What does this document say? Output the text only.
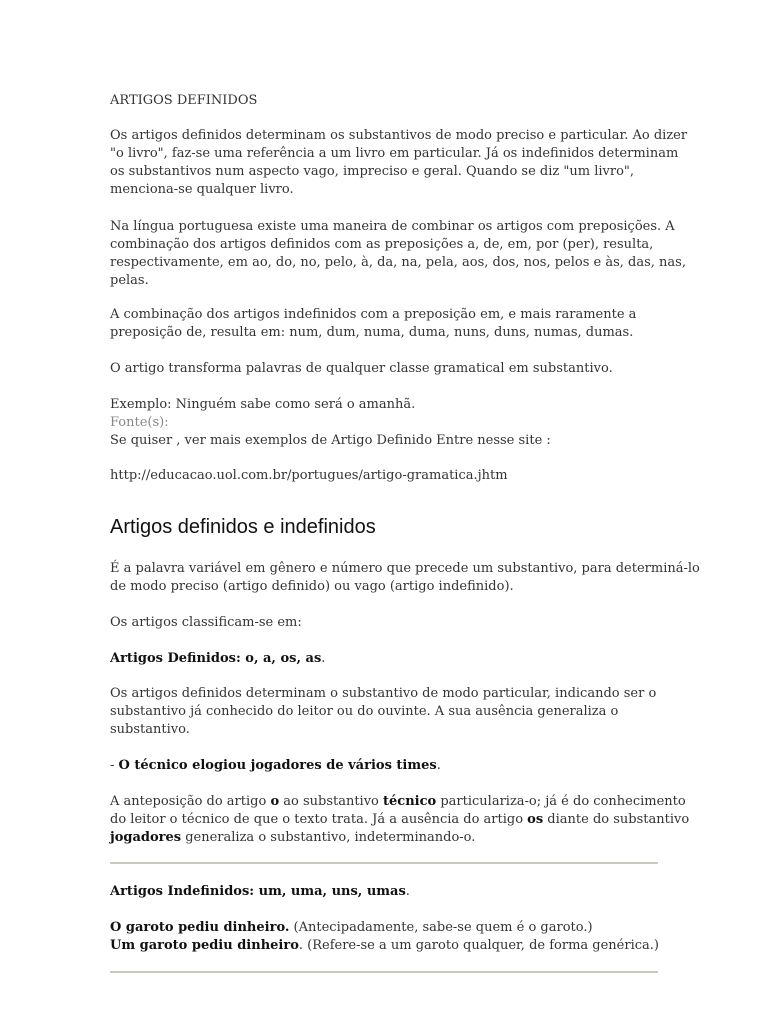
ARTIGOS DEFINIDOS

Os artigos definidos determinam os substantivos de modo preciso e particular. Ao dizer
"o livro", faz-se uma referência a um livro em particular. Já os indefinidos determinam
os substantivos num aspecto vago, impreciso e geral. Quando se diz "um livro",
menciona-se qualquer livro.

Na língua portuguesa existe uma maneira de combinar os artigos com preposições. A
combinação dos artigos definidos com as preposições a, de, em, por (per), resulta,
respectivamente, em ao, do, no, pelo, à, da, na, pela, aos, dos, nos, pelos e às, das, nas,
pelas.

A combinação dos artigos indefinidos com a preposição em, e mais raramente a
preposição de, resulta em: num, dum, numa, duma, nuns, duns, numas, dumas.

O artigo transforma palavras de qualquer classe gramatical em substantivo.

Exemplo: Ninguém sabe como será o amanhã.
Fonte(s):
Se quiser , ver mais exemplos de Artigo Definido Entre nesse site :

http://educacao.uol.com.br/portugues/artigo-gramatica.jhtm

Artigos definidos e indefinidos

É a palavra variável em gênero e número que precede um substantivo, para determiná-lo
de modo preciso (artigo definido) ou vago (artigo indefinido).

Os artigos classificam-se em:

Artigos Definidos: o, a, os, as.

Os artigos definidos determinam o substantivo de modo particular, indicando ser o
substantivo já conhecido do leitor ou do ouvinte. A sua ausência generaliza o
substantivo.

- O técnico elogiou jogadores de vários times.

A anteposição do artigo o ao substantivo técnico particulariza-o; já é do conhecimento
do leitor o técnico de que o texto trata. Já a ausência do artigo os diante do substantivo
jogadores generaliza o substantivo, indeterminando-o.

Artigos Indefinidos: um, uma, uns, umas.

O garoto pediu dinheiro. (Antecipadamente, sabe-se quem é o garoto.)
Um garoto pediu dinheiro. (Refere-se a um garoto qualquer, de forma genérica.)
